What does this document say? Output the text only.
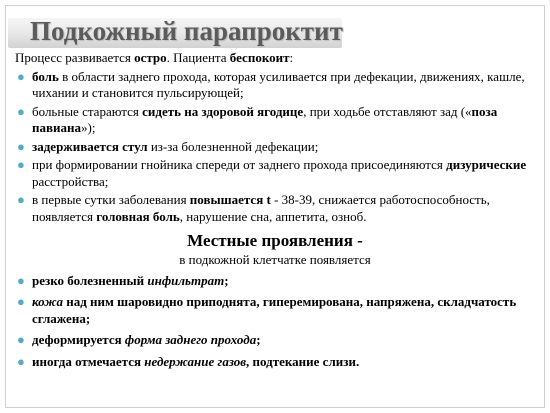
Подкожный парапроктит

Процесс развивается остро. Пациента беспокоит:

● боль в области заднего прохода, которая усиливается при дефекации, движениях, кашле, чихании и становится пульсирующей;
● больные стараются сидеть на здоровой ягодице, при ходьбе отставляют зад («поза павиана»);
● задерживается стул из-за болезненной дефекации;
● при формировании гнойника спереди от заднего прохода присоединяются дизурические расстройства;
● в первые сутки заболевания повышается t - 38-39, снижается работоспособность, появляется головная боль, нарушение сна, аппетита, озноб.
Местные проявления -
в подкожной клетчатке появляется
● резко болезненный инфильтрат;
● кожа над ним шаровидно приподнята, гиперемирована, напряжена, складчатость сглажена;
● деформируется форма заднего прохода;
● иногда отмечается недержание газов, подтекание слизи.
